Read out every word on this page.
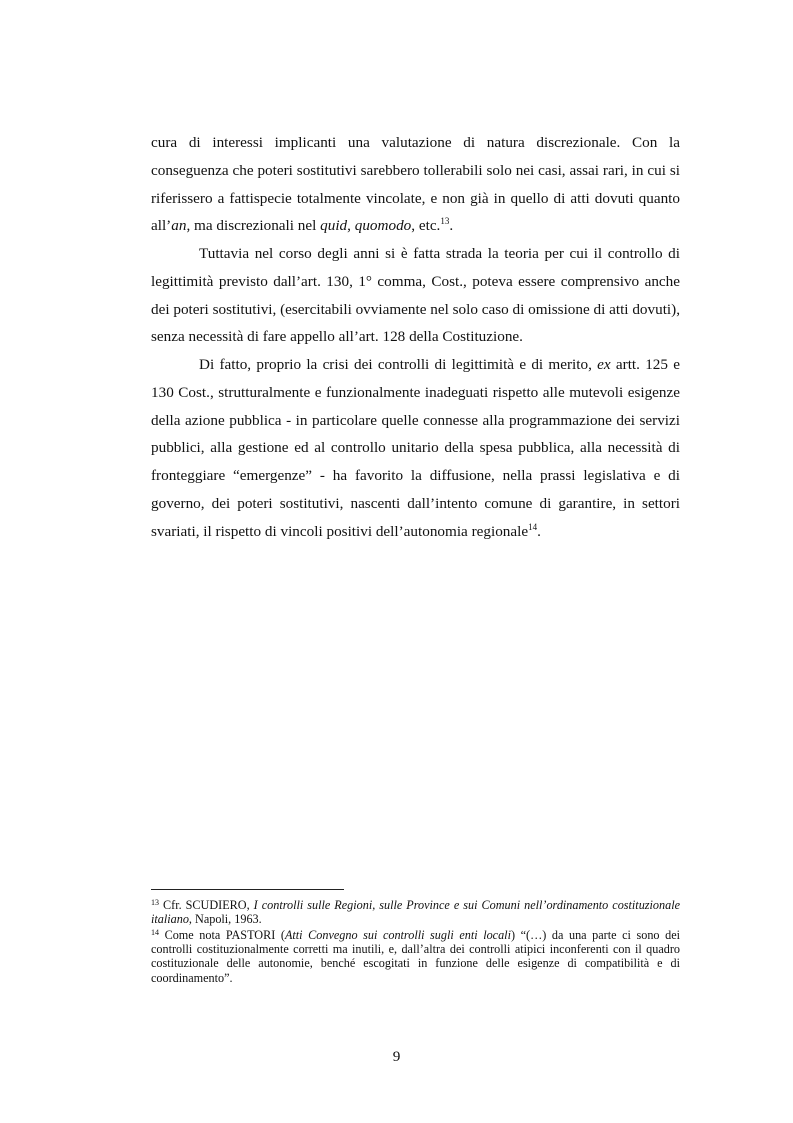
cura di interessi implicanti una valutazione di natura discrezionale. Con la conseguenza che poteri sostitutivi sarebbero tollerabili solo nei casi, assai rari, in cui si riferissero a fattispecie totalmente vincolate, e non già in quello di atti dovuti quanto all’an, ma discrezionali nel quid, quomodo, etc.$^{13}$.

Tuttavia nel corso degli anni si è fatta strada la teoria per cui il controllo di legittimità previsto dall’art. 130, 1° comma, Cost., poteva essere comprensivo anche dei poteri sostitutivi, (esercitabili ovviamente nel solo caso di omissione di atti dovuti), senza necessità di fare appello all’art. 128 della Costituzione.

Di fatto, proprio la crisi dei controlli di legittimità e di merito, ex artt. 125 e 130 Cost., strutturalmente e funzionalmente inadeguati rispetto alle mutevoli esigenze della azione pubblica - in particolare quelle connesse alla programmazione dei servizi pubblici, alla gestione ed al controllo unitario della spesa pubblica, alla necessità di fronteggiare “emergenze” - ha favorito la diffusione, nella prassi legislativa e di governo, dei poteri sostitutivi, nascenti dall’intento comune di garantire, in settori svariati, il rispetto di vincoli positivi dell’autonomia regionale$^{14}$.

$^{13}$ Cfr. SCUDIERO, I controlli sulle Regioni, sulle Province e sui Comuni nell’ordinamento costituzionale italiano, Napoli, 1963.

$^{14}$ Come nota PASTORI (Atti Convegno sui controlli sugli enti locali) “(…) da una parte ci sono dei controlli costituzionalmente corretti ma inutili, e, dall’altra dei controlli atipici inconferenti con il quadro costituzionale delle autonomie, benché escogitati in funzione delle esigenze di compatibilità e di coordinamento”.

9
